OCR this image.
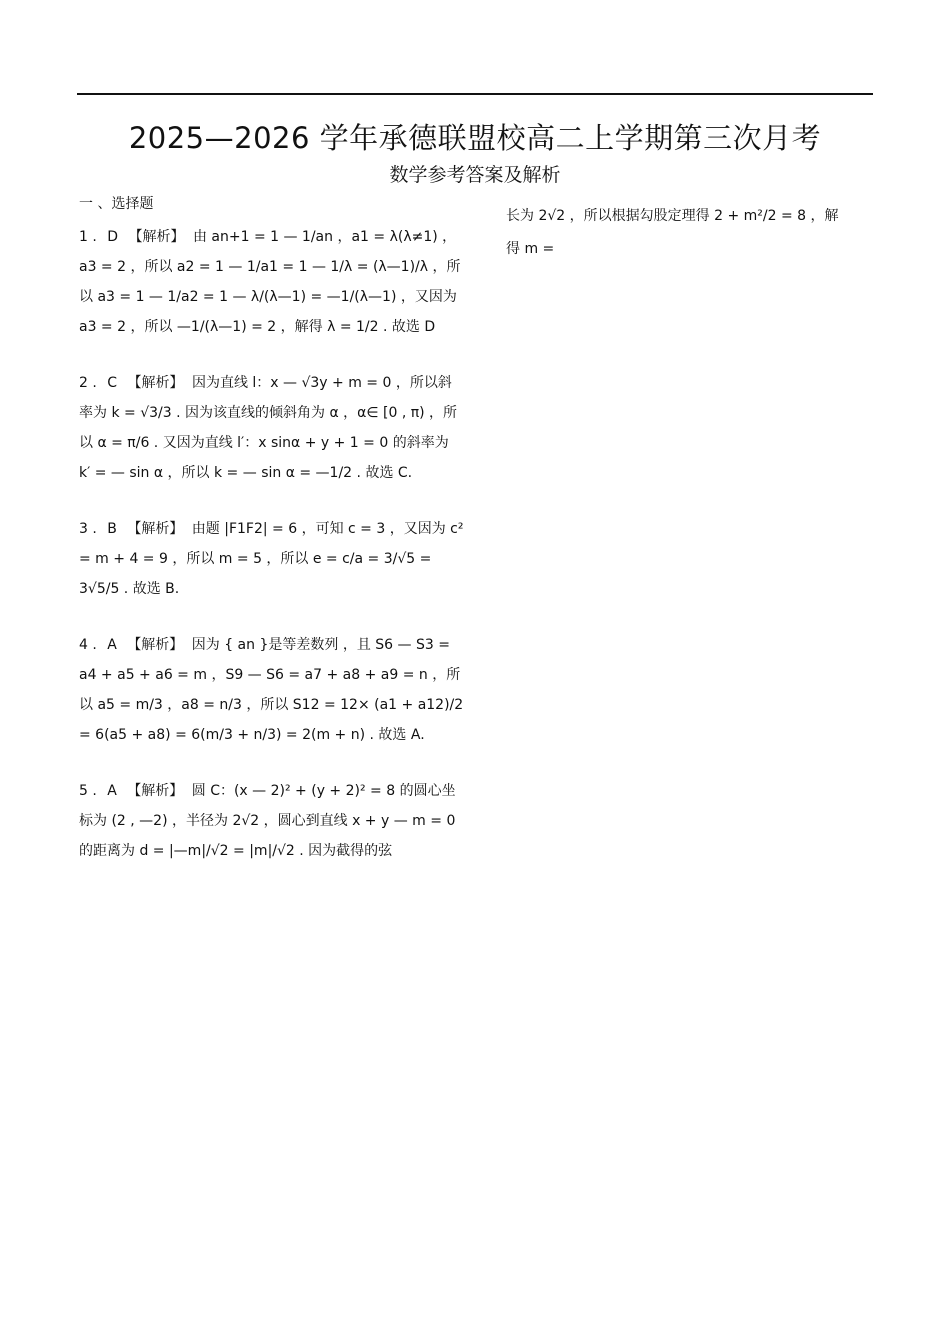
2025—2026 学年承德联盟校高二上学期第三次月考
数学参考答案及解析
一 、选择题
1 . D 【解析】 由 an+1 = 1 — 1/an ，a1 = λ(λ≠1) ，a3 = 2 ，所以 a2 = 1 — 1/a1 = 1 — 1/λ = (λ—1)/λ ，所以 a3 = 1 — 1/a2 = 1 — λ/(λ—1) = —1/(λ—1) ，又因为 a3 = 2 ，所以 —1/(λ—1) = 2 ，解得 λ = 1/2 . 故选 D
2 . C 【解析】 因为直线 l：x — √3y + m = 0 ，所以斜率为 k = √3/3 . 因为该直线的倾斜角为 α ，α∈ [0 , π) ，所以 α = π/6 . 又因为直线 l′：x sinα + y + 1 = 0 的斜率为 k′ = — sin α ，所以 k = — sin α = —1/2 . 故选 C.
3 . B 【解析】 由题 |F1F2| = 6 ，可知 c = 3 ，又因为 c² = m + 4 = 9 ，所以 m = 5 ，所以 e = c/a = 3/√5 = 3√5/5 . 故选 B.
4 . A 【解析】 因为 { an }是等差数列 ，且 S6 — S3 = a4 + a5 + a6 = m ，S9 — S6 = a7 + a8 + a9 = n ，所以 a5 = m/3 ，a8 = n/3 ，所以 S12 = 12× (a1 + a12)/2 = 6(a5 + a8) = 6(m/3 + n/3) = 2(m + n) . 故选 A.
5 . A 【解析】 圆 C：(x — 2)² + (y + 2)² = 8 的圆心坐标为 (2 , —2) ，半径为 2√2 ，圆心到直线 x + y — m = 0 的距离为 d = |—m|/√2 = |m|/√2 . 因为截得的弦
长为 2√2 ，所以根据勾股定理得 2 + m²/2 = 8 ，解得 m =
